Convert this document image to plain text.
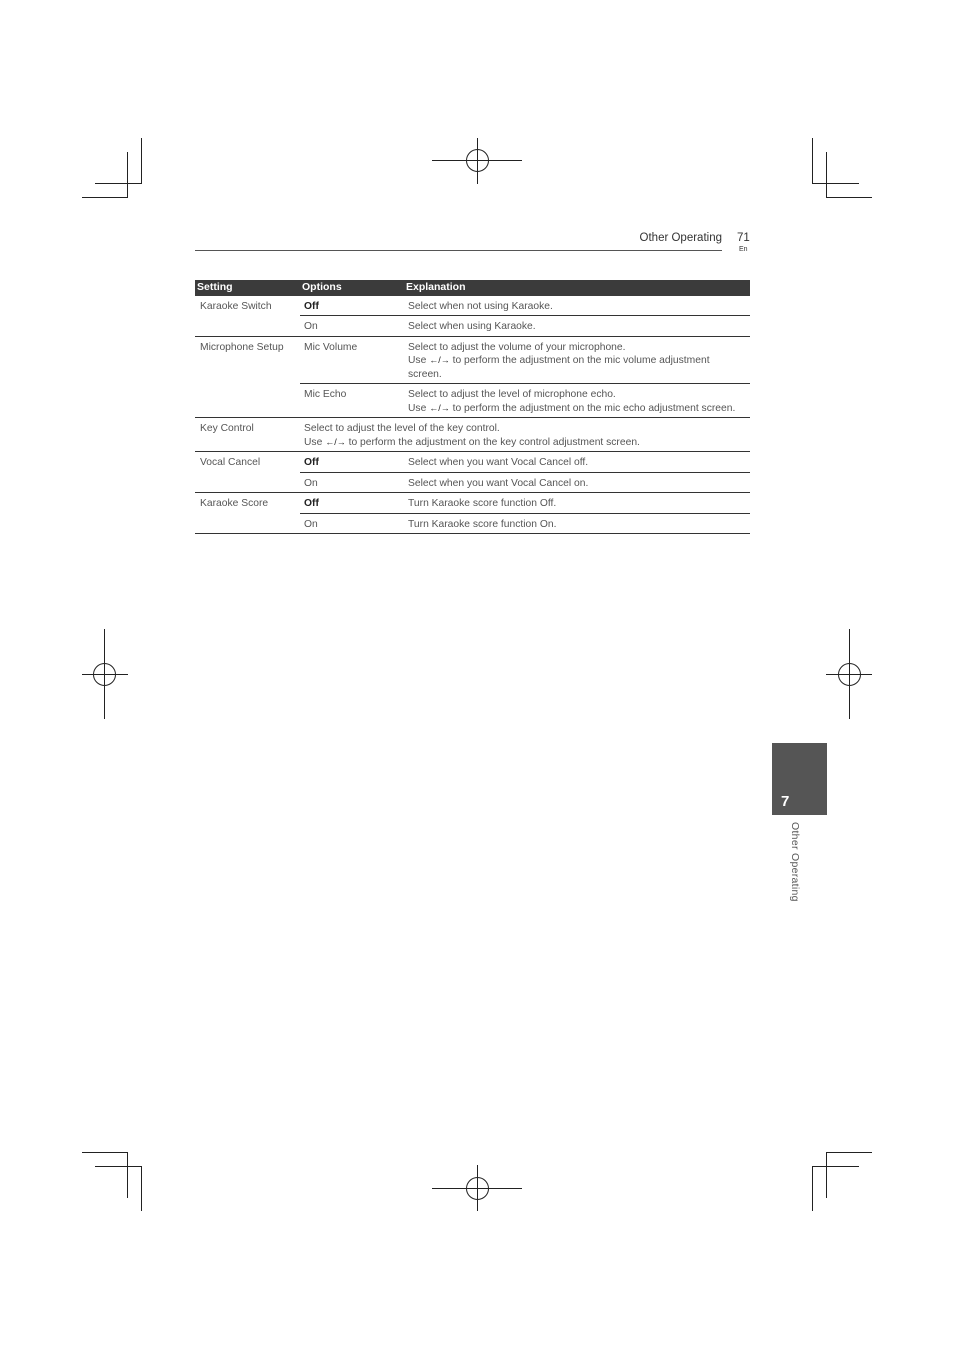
Other Operating 71
En
Setting	Options	Explanation
Karaoke Switch	Off	Select when not using Karaoke.
	On	Select when using Karaoke.
Microphone Setup	Mic Volume	Select to adjust the volume of your microphone.
Use ←/→ to perform the adjustment on the mic volume adjustment screen.
	Mic Echo	Select to adjust the level of microphone echo.
Use ←/→ to perform the adjustment on the mic echo adjustment screen.
Key Control	Select to adjust the level of the key control.
Use ←/→ to perform the adjustment on the key control adjustment screen.	
Vocal Cancel	Off	Select when you want Vocal Cancel off.
	On	Select when you want Vocal Cancel on.
Karaoke Score	Off	Turn Karaoke score function Off.
	On	Turn Karaoke score function On.
7
Other Operating
